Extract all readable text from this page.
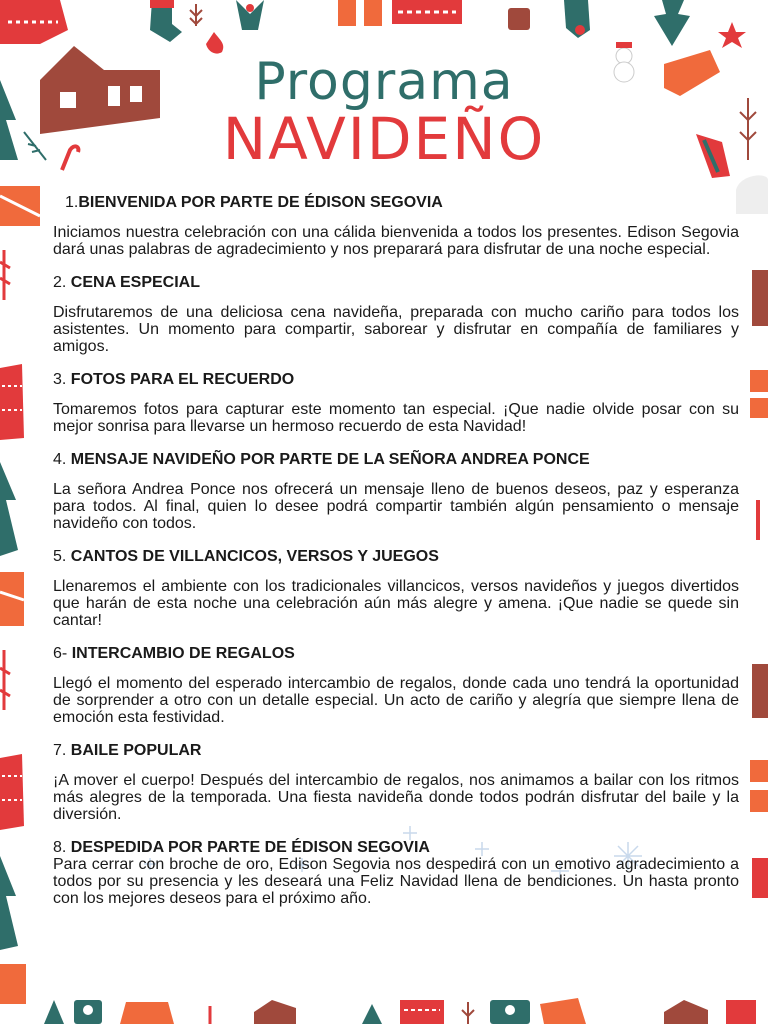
Programa
NAVIDEÑO

1.BIENVENIDA POR PARTE DE ÉDISON SEGOVIA

Iniciamos nuestra celebración con una cálida bienvenida a todos los presentes. Edison Segovia dará unas palabras de agradecimiento y nos preparará para disfrutar de una noche especial.

2. CENA ESPECIAL

Disfrutaremos de una deliciosa cena navideña, preparada con mucho cariño para todos los asistentes. Un momento para compartir, saborear y disfrutar en compañía de familiares y amigos.

3. FOTOS PARA EL RECUERDO

Tomaremos fotos para capturar este momento tan especial. ¡Que nadie olvide posar con su mejor sonrisa para llevarse un hermoso recuerdo de esta Navidad!

4. MENSAJE NAVIDEÑO POR PARTE DE LA SEÑORA ANDREA PONCE

La señora Andrea Ponce nos ofrecerá un mensaje lleno de buenos deseos, paz y esperanza para todos. Al final, quien lo desee podrá compartir también algún pensamiento o mensaje navideño con todos.

5. CANTOS DE VILLANCICOS, VERSOS Y JUEGOS

Llenaremos el ambiente con los tradicionales villancicos, versos navideños y juegos divertidos que harán de esta noche una celebración aún más alegre y amena. ¡Que nadie se quede sin cantar!

6- INTERCAMBIO DE REGALOS

Llegó el momento del esperado intercambio de regalos, donde cada uno tendrá la oportunidad de sorprender a otro con un detalle especial. Un acto de cariño y alegría que siempre llena de emoción esta festividad.

7. BAILE POPULAR

¡A mover el cuerpo! Después del intercambio de regalos, nos animamos a bailar con los ritmos más alegres de la temporada. Una fiesta navideña donde todos podrán disfrutar del baile y la diversión.

8. DESPEDIDA POR PARTE DE ÉDISON SEGOVIA

Para cerrar con broche de oro, Edison Segovia nos despedirá con un emotivo agradecimiento a todos por su presencia y les deseará una Feliz Navidad llena de bendiciones. Un hasta pronto con los mejores deseos para el próximo año.
